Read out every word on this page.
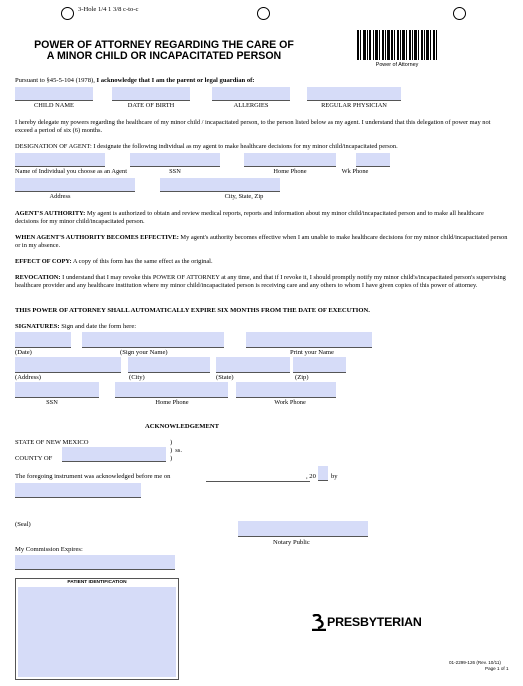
3-Hole 1/4 1 3/8 c-to-c
POWER OF ATTORNEY REGARDING THE CARE OF
A MINOR CHILD OR INCAPACITATED PERSON
Power of Attorney
Pursuant to §45-5-104 (1978), I acknowledge that I am the parent or legal guardian of:
CHILD NAME	DATE OF BIRTH	ALLERGIES	REGULAR PHYSICIAN
I hereby delegate my powers regarding the healthcare of my minor child / incapacitated person, to the person listed below as my agent. I understand that this delegation of power may not exceed a period of six (6) months.
DESIGNATION OF AGENT: I designate the following individual as my agent to make healthcare decisions for my minor child/incapacitated person.
Name of Individual you choose as an Agent	SSN	Home Phone	Wk Phone
Address	City, State, Zip
AGENT'S AUTHORITY: My agent is authorized to obtain and review medical reports, reports and information about my minor child/incapacitated person and to make all healthcare decisions for my minor child/incapacitated person.
WHEN AGENT'S AUTHORITY BECOMES EFFECTIVE: My agent's authority becomes effective when I am unable to make healthcare decisions for my minor child/incapacitated person or in my absence.
EFFECT OF COPY: A copy of this form has the same effect as the original.
REVOCATION: I understand that I may revoke this POWER OF ATTORNEY at any time, and that if I revoke it, I should promptly notify my minor child's/incapacitated person's supervising healthcare provider and any healthcare institution where my minor child/incapacitated person is receiving care and any others to whom I have given copies of this power of attorney.
THIS POWER OF ATTORNEY SHALL AUTOMATICALLY EXPIRE SIX MONTHS FROM THE DATE OF EXECUTION.
SIGNATURES: Sign and date the form here:
(Date)	(Sign your Name)	Print your Name
(Address)	(City)	(State)	(Zip)
SSN	Home Phone	Work Phone
ACKNOWLEDGEMENT
STATE OF NEW MEXICO	)
) ss.
COUNTY OF	)
The foregoing instrument was acknowledged before me on	, 20 by
(Seal)
Notary Public
My Commission Expires:
PATIENT IDENTIFICATION
PRESBYTERIAN
01-2299-126 (Rev. 10/11)
Page 1 of 1
